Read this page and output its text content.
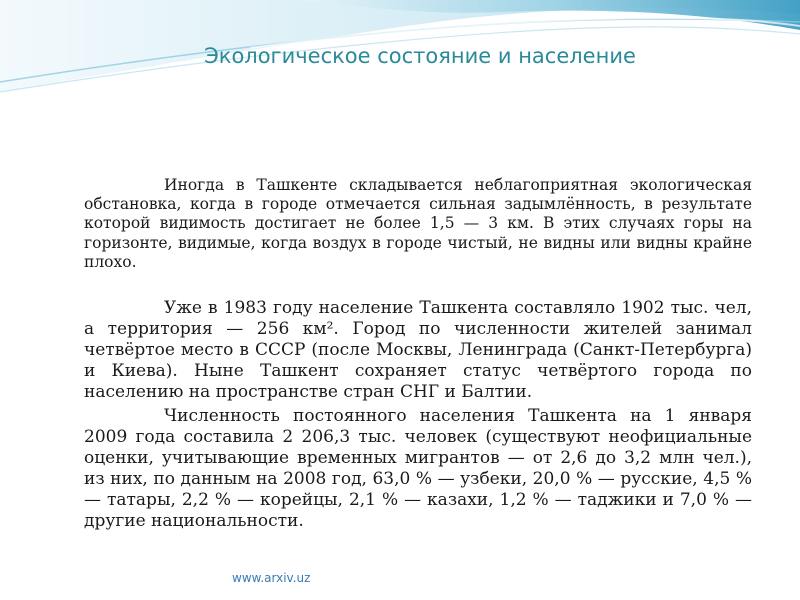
Экологическое состояние и население

Иногда в Ташкенте складывается неблагоприятная экологическая обстановка, когда в городе отмечается сильная задымлённость, в результате которой видимость достигает не более 1,5 — 3 км. В этих случаях горы на горизонте, видимые, когда воздух в городе чистый, не видны или видны крайне плохо.

Уже в 1983 году население Ташкента составляло 1902 тыс. чел, а территория — 256 км². Город по численности жителей занимал четвёртое место в СССР (после Москвы, Ленинграда (Санкт-Петербурга) и Киева). Ныне Ташкент сохраняет статус четвёртого города по населению на пространстве стран СНГ и Балтии.

Численность постоянного населения Ташкента на 1 января 2009 года составила 2 206,3 тыс. человек (существуют неофициальные оценки, учитывающие временных мигрантов — от 2,6 до 3,2 млн чел.), из них, по данным на 2008 год, 63,0 % — узбеки, 20,0 % — русские, 4,5 % — татары, 2,2 % — корейцы, 2,1 % — казахи, 1,2 % — таджики и 7,0 % — другие национальности.

www.arxiv.uz
